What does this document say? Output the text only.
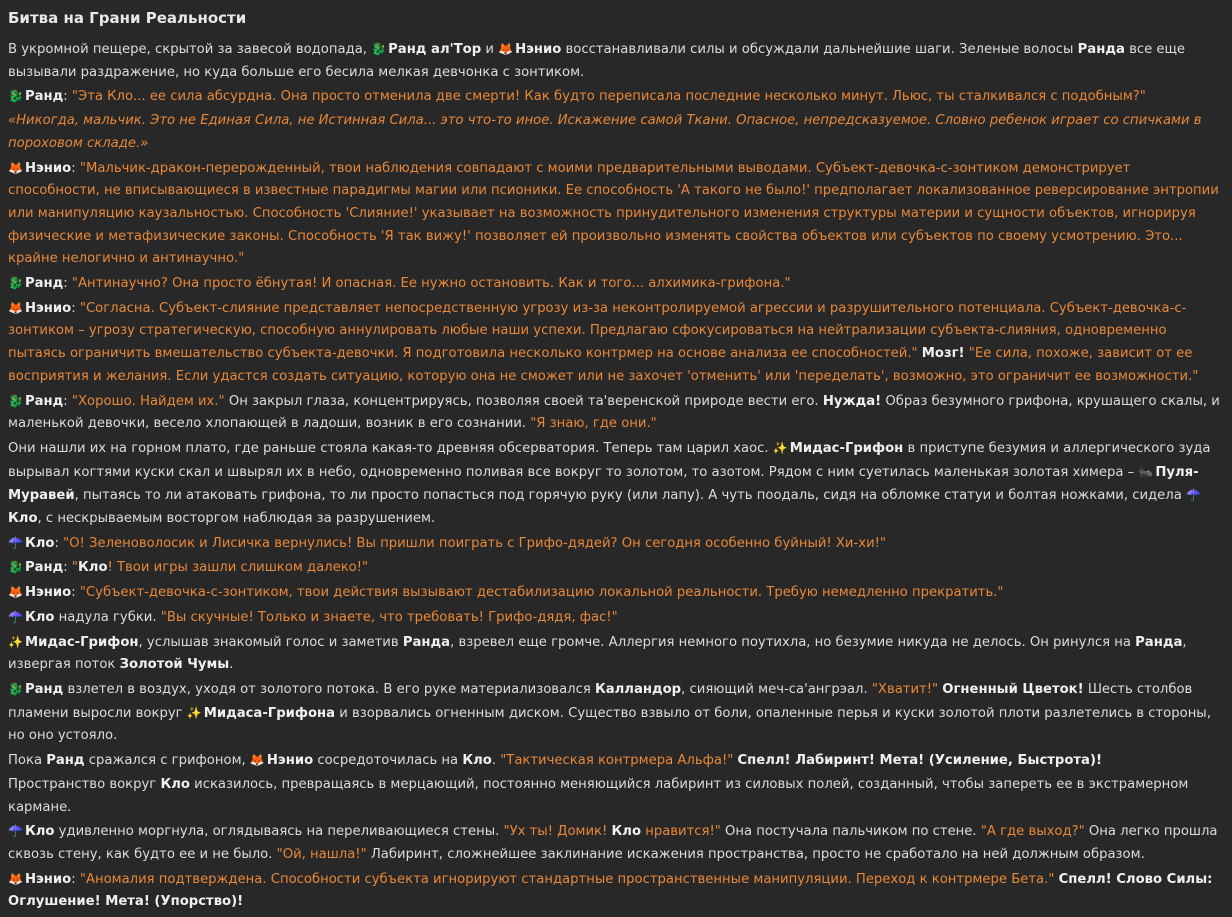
Битва на Грани Реальности

В укромной пещере, скрытой за завесой водопада, 🐉 Ранд ал'Тор и 🦊 Нэнио восстанавливали силы и обсуждали дальнейшие шаги. Зеленые волосы Ранда все еще вызывали раздражение, но куда больше его бесила мелкая девчонка с зонтиком.

🐉 Ранд: "Эта Кло... ее сила абсурдна. Она просто отменила две смерти! Как будто переписала последние несколько минут. Льюс, ты сталкивался с подобным?"

«Никогда, мальчик. Это не Единая Сила, не Истинная Сила... это что-то иное. Искажение самой Ткани. Опасное, непредсказуемое. Словно ребенок играет со спичками в пороховом складе.»

🦊 Нэнио: "Мальчик-дракон-перерожденный, твои наблюдения совпадают с моими предварительными выводами. Субъект-девочка-с-зонтиком демонстрирует способности, не вписывающиеся в известные парадигмы магии или псионики. Ее способность 'А такого не было!' предполагает локализованное реверсирование энтропии или манипуляцию каузальностью. Способность 'Слияние!' указывает на возможность принудительного изменения структуры материи и сущности объектов, игнорируя физические и метафизические законы. Способность 'Я так вижу!' позволяет ей произвольно изменять свойства объектов или субъектов по своему усмотрению. Это... крайне нелогично и антинаучно."

🐉 Ранд: "Антинаучно? Она просто ёбнутая! И опасная. Ее нужно остановить. Как и того... алхимика-грифона."

🦊 Нэнио: "Согласна. Субъект-слияние представляет непосредственную угрозу из-за неконтролируемой агрессии и разрушительного потенциала. Субъект-девочка-с-зонтиком – угрозу стратегическую, способную аннулировать любые наши успехи. Предлагаю сфокусироваться на нейтрализации субъекта-слияния, одновременно пытаясь ограничить вмешательство субъекта-девочки. Я подготовила несколько контрмер на основе анализа ее способностей." Мозг! "Ее сила, похоже, зависит от ее восприятия и желания. Если удастся создать ситуацию, которую она не сможет или не захочет 'отменить' или 'переделать', возможно, это ограничит ее возможности."

🐉 Ранд: "Хорошо. Найдем их." Он закрыл глаза, концентрируясь, позволяя своей та'веренской природе вести его. Нужда! Образ безумного грифона, крушащего скалы, и маленькой девочки, весело хлопающей в ладоши, возник в его сознании. "Я знаю, где они."

Они нашли их на горном плато, где раньше стояла какая-то древняя обсерватория. Теперь там царил хаос. ✨ Мидас-Грифон в приступе безумия и аллергического зуда вырывал когтями куски скал и швырял их в небо, одновременно поливая все вокруг то золотом, то азотом. Рядом с ним суетилась маленькая золотая химера – 🐜 Пуля-Муравей, пытаясь то ли атаковать грифона, то ли просто попасться под горячую руку (или лапу). А чуть поодаль, сидя на обломке статуи и болтая ножками, сидела ☂️Кло, с нескрываемым восторгом наблюдая за разрушением.

☂️ Кло: "О! Зеленоволосик и Лисичка вернулись! Вы пришли поиграть с Грифо-дядей? Он сегодня особенно буйный! Хи-хи!"

🐉 Ранд: "Кло! Твои игры зашли слишком далеко!"

🦊 Нэнио: "Субъект-девочка-с-зонтиком, твои действия вызывают дестабилизацию локальной реальности. Требую немедленно прекратить."

☂️ Кло надула губки. "Вы скучные! Только и знаете, что требовать! Грифо-дядя, фас!"

✨ Мидас-Грифон, услышав знакомый голос и заметив Ранда, взревел еще громче. Аллергия немного поутихла, но безумие никуда не делось. Он ринулся на Ранда, извергая поток Золотой Чумы.

🐉 Ранд взлетел в воздух, уходя от золотого потока. В его руке материализовался Калландор, сияющий меч-са'ангрэал. "Хватит!" Огненный Цветок! Шесть столбов пламени выросли вокруг ✨ Мидаса-Грифона и взорвались огненным диском. Существо взвыло от боли, опаленные перья и куски золотой плоти разлетелись в стороны, но оно устояло.

Пока Ранд сражался с грифоном, 🦊 Нэнио сосредоточилась на Кло. "Тактическая контрмера Альфа!" Спелл! Лабиринт! Мета! (Усиление, Быстрота)!

Пространство вокруг Кло исказилось, превращаясь в мерцающий, постоянно меняющийся лабиринт из силовых полей, созданный, чтобы запереть ее в экстрамерном кармане.

☂️ Кло удивленно моргнула, оглядываясь на переливающиеся стены. "Ух ты! Домик! Кло нравится!" Она постучала пальчиком по стене. "А где выход?" Она легко прошла сквозь стену, как будто ее и не было. "Ой, нашла!" Лабиринт, сложнейшее заклинание искажения пространства, просто не сработало на ней должным образом.

🦊 Нэнио: "Аномалия подтверждена. Способности субъекта игнорируют стандартные пространственные манипуляции. Переход к контрмере Бета." Спелл! Слово Силы: Оглушение! Мета! (Упорство)!
